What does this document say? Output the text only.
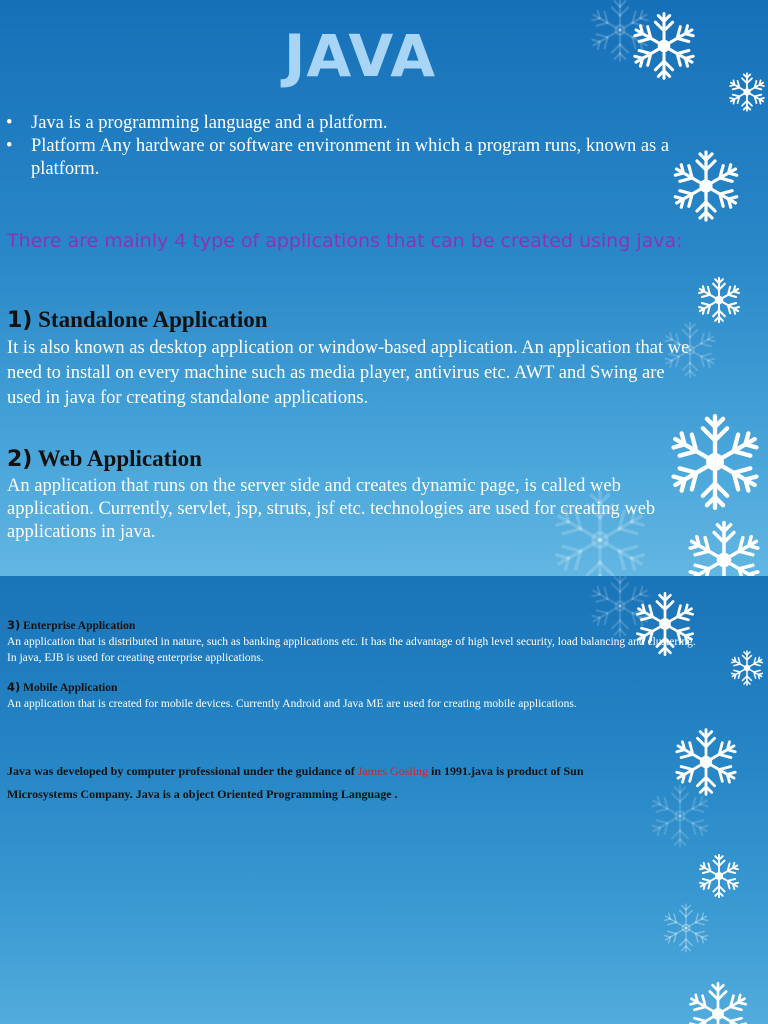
JAVA
• Java is a programming language and a platform.
• Platform Any hardware or software environment in which a program runs, known as a platform.

There are mainly 4 type of applications that can be created using java:

1) Standalone Application

It is also known as desktop application or window-based application. An application that we need to install on every machine such as media player, antivirus etc. AWT and Swing are used in java for creating standalone applications.

2) Web Application

An application that runs on the server side and creates dynamic page, is called web application. Currently, servlet, jsp, struts, jsf etc. technologies are used for creating web applications in java.

3) Enterprise Application

An application that is distributed in nature, such as banking applications etc. It has the advantage of high level security, load balancing and clustering. In java, EJB is used for creating enterprise applications.

4) Mobile Application

An application that is created for mobile devices. Currently Android and Java ME are used for creating mobile applications.

Java was developed by computer professional under the guidance of James Gosling in 1991.java is product of Sun Microsystems Company. Java is a object Oriented Programming Language .
